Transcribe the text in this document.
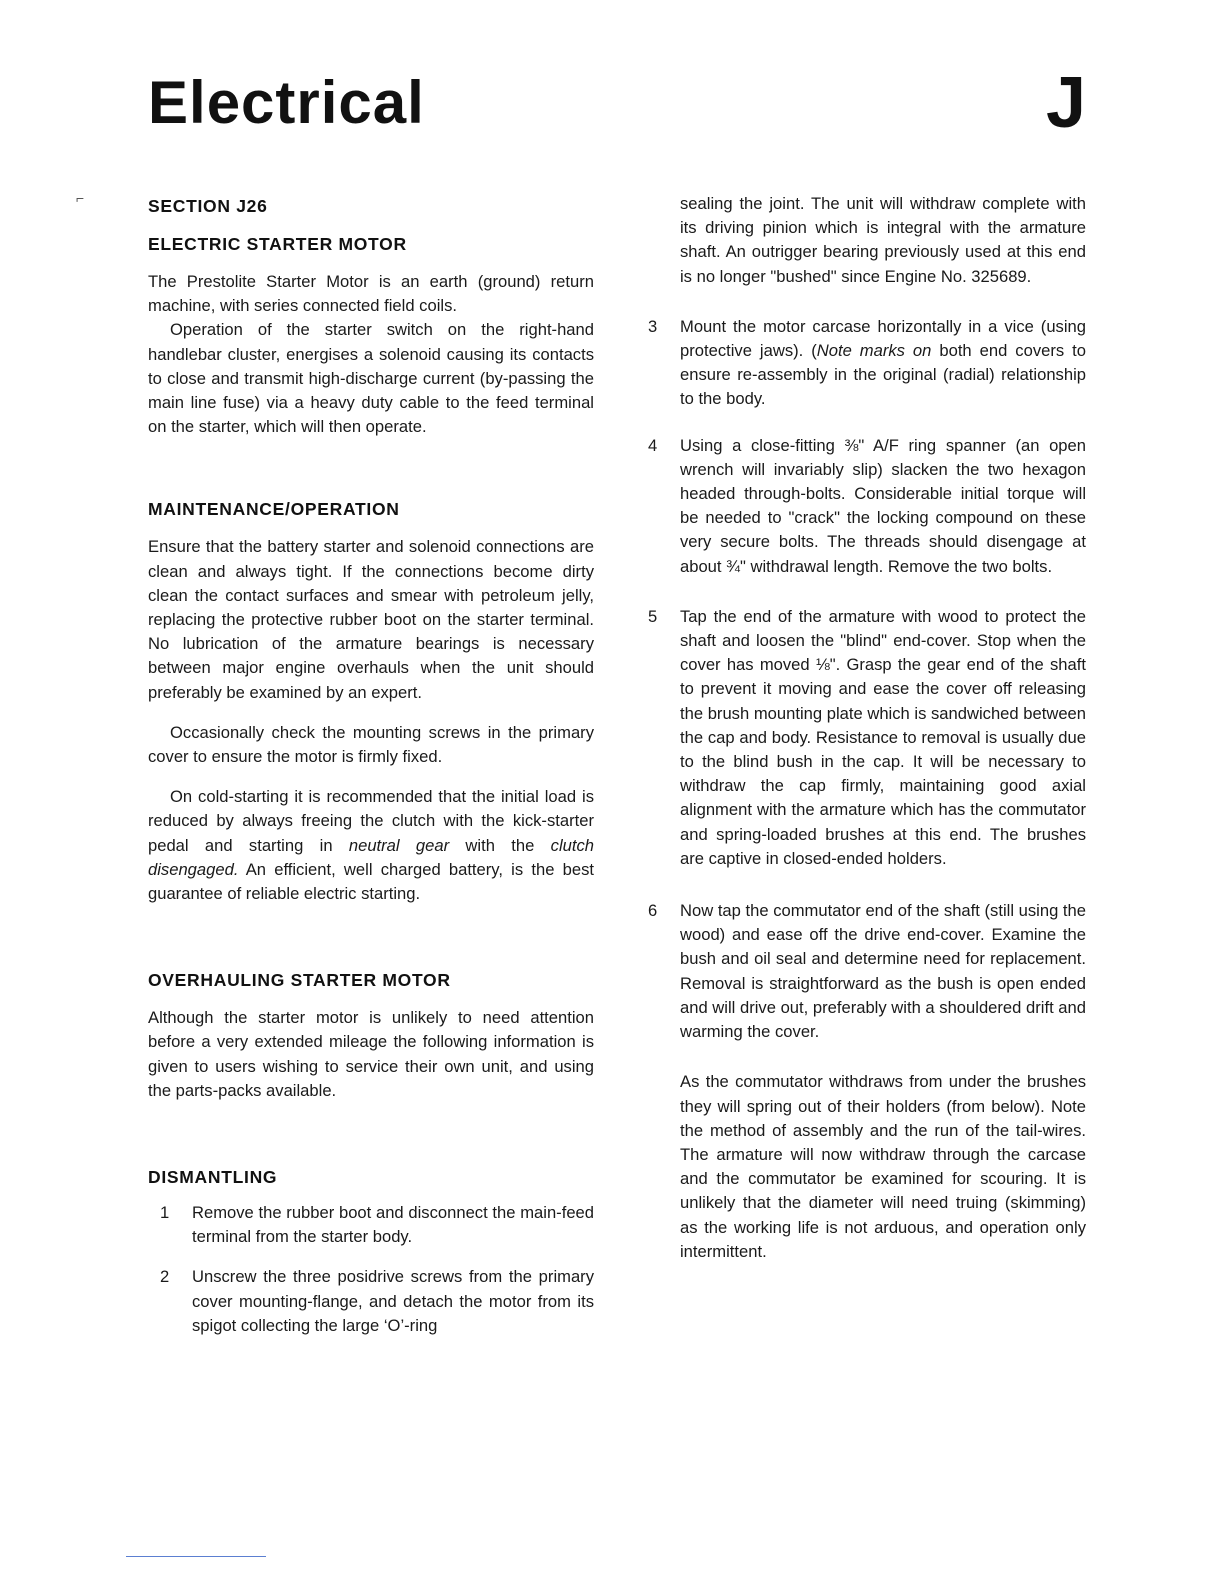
Electrical	J
⌐	SECTION J26
ELECTRIC STARTER MOTOR

The Prestolite Starter Motor is an earth (ground) return machine, with series connected field coils.

Operation of the starter switch on the right-hand handlebar cluster, energises a solenoid causing its contacts to close and transmit high-discharge current (by-passing the main line fuse) via a heavy duty cable to the feed terminal on the starter, which will then operate.

MAINTENANCE/OPERATION

Ensure that the battery starter and solenoid connections are clean and always tight. If the connections become dirty clean the contact surfaces and smear with petroleum jelly, replacing the protective rubber boot on the starter terminal. No lubrication of the armature bearings is necessary between major engine overhauls when the unit should preferably be examined by an expert.

Occasionally check the mounting screws in the primary cover to ensure the motor is firmly fixed.

On cold-starting it is recommended that the initial load is reduced by always freeing the clutch with the kick-starter pedal and starting in neutral gear with the clutch disengaged. An efficient, well charged battery, is the best guarantee of reliable electric starting.

OVERHAULING STARTER MOTOR

Although the starter motor is unlikely to need attention before a very extended mileage the following information is given to users wishing to service their own unit, and using the parts-packs available.

DISMANTLING
1	Remove the rubber boot and disconnect the main-feed terminal from the starter body.
2	Unscrew the three posidrive screws from the primary cover mounting-flange, and detach the motor from its spigot collecting the large ‘O’-ring
sealing the joint. The unit will withdraw complete with its driving pinion which is integral with the armature shaft. An outrigger bearing previously used at this end is no longer "bushed" since Engine No. 325689.
3	Mount the motor carcase horizontally in a vice (using protective jaws). (Note marks on both end covers to ensure re-assembly in the original (radial) relationship to the body.
4	Using a close-fitting ⅜" A/F ring spanner (an open wrench will invariably slip) slacken the two hexagon headed through-bolts. Considerable initial torque will be needed to "crack" the locking compound on these very secure bolts. The threads should disengage at about ¾" withdrawal length. Remove the two bolts.
5	Tap the end of the armature with wood to protect the shaft and loosen the "blind" end-cover. Stop when the cover has moved ⅛". Grasp the gear end of the shaft to prevent it moving and ease the cover off releasing the brush mounting plate which is sandwiched between the cap and body. Resistance to removal is usually due to the blind bush in the cap. It will be necessary to withdraw the cap firmly, maintaining good axial alignment with the armature which has the commutator and spring-loaded brushes at this end. The brushes are captive in closed-ended holders.
6	Now tap the commutator end of the shaft (still using the wood) and ease off the drive end-cover. Examine the bush and oil seal and determine need for replacement. Removal is straightforward as the bush is open ended and will drive out, preferably with a shouldered drift and warming the cover.
As the commutator withdraws from under the brushes they will spring out of their holders (from below). Note the method of assembly and the run of the tail-wires. The armature will now withdraw through the carcase and the commutator be examined for scouring. It is unlikely that the diameter will need truing (skimming) as the working life is not arduous, and operation only intermittent.
